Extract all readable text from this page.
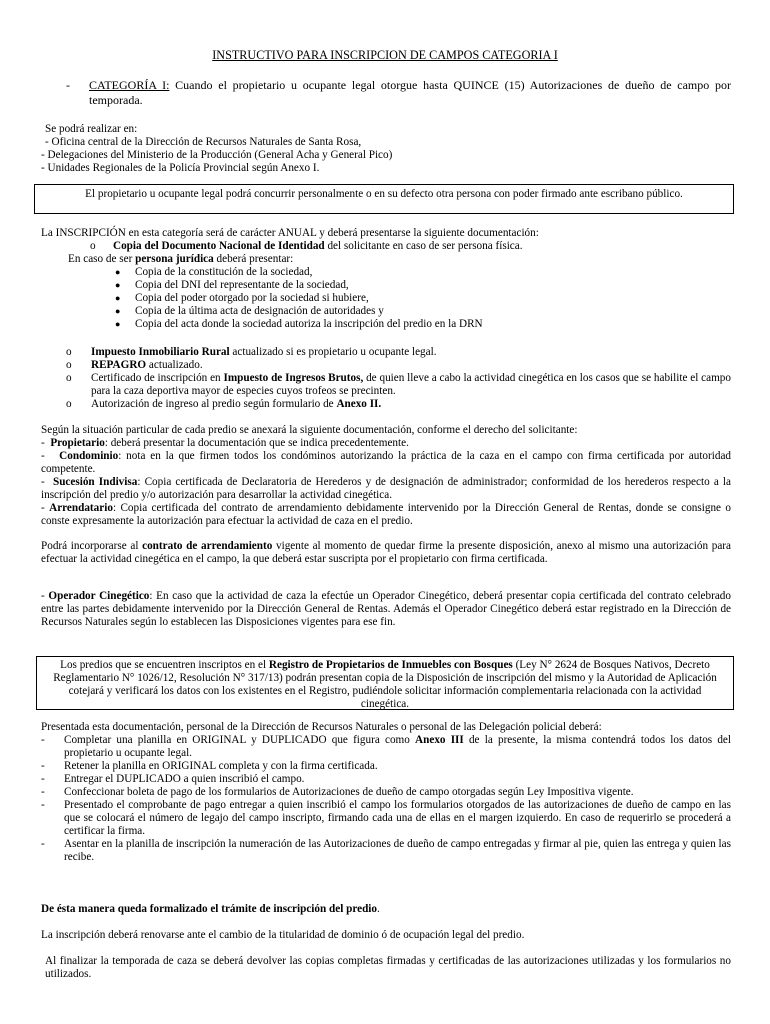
INSTRUCTIVO PARA INSCRIPCION DE CAMPOS CATEGORIA I
- CATEGORÍA I: Cuando el propietario u ocupante legal otorgue hasta QUINCE (15) Autorizaciones de dueño de campo por temporada.
Se podrá realizar en:
- Oficina central de la Dirección de Recursos Naturales de Santa Rosa,
- Delegaciones del Ministerio de la Producción (General Acha y General Pico)
- Unidades Regionales de la Policía Provincial según Anexo I.
El propietario u ocupante legal podrá concurrir personalmente o en su defecto otra persona con poder firmado ante escribano público.
La INSCRIPCIÓN en esta categoría será de carácter ANUAL y deberá presentarse la siguiente documentación:
o Copia del Documento Nacional de Identidad del solicitante en caso de ser persona física.
En caso de ser persona jurídica deberá presentar:
● Copia de la constitución de la sociedad,
● Copia del DNI del representante de la sociedad,
● Copia del poder otorgado por la sociedad si hubiere,
● Copia de la última acta de designación de autoridades y
● Copia del acta donde la sociedad autoriza la inscripción del predio en la DRN
o Impuesto Inmobiliario Rural actualizado si es propietario u ocupante legal.
o REPAGRO actualizado.
o Certificado de inscripción en Impuesto de Ingresos Brutos, de quien lleve a cabo la actividad cinegética en los casos que se habilite el campo para la caza deportiva mayor de especies cuyos trofeos se precinten.
o Autorización de ingreso al predio según formulario de Anexo II.
Según la situación particular de cada predio se anexará la siguiente documentación, conforme el derecho del solicitante:
-  Propietario: deberá presentar la documentación que se indica precedentemente.
-   Condominio: nota en la que firmen todos los condóminos autorizando la práctica de la caza en el campo con firma certificada por autoridad competente.
-  Sucesión Indivisa: Copia certificada de Declaratoria de Herederos y de designación de administrador; conformidad de los herederos respecto a la inscripción del predio y/o autorización para desarrollar la actividad cinegética.
- Arrendatario: Copia certificada del contrato de arrendamiento debidamente intervenido por la Dirección General de Rentas, donde se consigne o conste expresamente la autorización para efectuar la actividad de caza en el predio.
Podrá incorporarse al contrato de arrendamiento vigente al momento de quedar firme la presente disposición, anexo al mismo una autorización para efectuar la actividad cinegética en el campo, la que deberá estar suscripta por el propietario con firma certificada.
- Operador Cinegético: En caso que la actividad de caza la efectúe un Operador Cinegético, deberá presentar copia certificada del contrato celebrado entre las partes debidamente intervenido por la Dirección General de Rentas. Además el Operador Cinegético deberá estar registrado en la Dirección de Recursos Naturales según lo establecen las Disposiciones vigentes para ese fin.
Los predios que se encuentren inscriptos en el Registro de Propietarios de Inmuebles con Bosques (Ley N° 2624 de Bosques Nativos, Decreto Reglamentario N° 1026/12, Resolución N° 317/13) podrán presentan copia de la Disposición de inscripción del mismo y la Autoridad de Aplicación cotejará y verificará los datos con los existentes en el Registro, pudiéndole solicitar información complementaria relacionada con la actividad cinegética.
Presentada esta documentación, personal de la Dirección de Recursos Naturales o personal de las Delegación policial deberá:
- Completar una planilla en ORIGINAL y DUPLICADO que figura como Anexo III de la presente, la misma contendrá todos los datos del propietario u ocupante legal.
- Retener la planilla en ORIGINAL completa y con la firma certificada.
- Entregar el DUPLICADO a quien inscribió el campo.
- Confeccionar boleta de pago de los formularios de Autorizaciones de dueño de campo otorgadas según Ley Impositiva vigente.
- Presentado el comprobante de pago entregar a quien inscribió el campo los formularios otorgados de las autorizaciones de dueño de campo en las que se colocará el número de legajo del campo inscripto, firmando cada una de ellas en el margen izquierdo. En caso de requerirlo se procederá a certificar la firma.
- Asentar en la planilla de inscripción la numeración de las Autorizaciones de dueño de campo entregadas y firmar al pie, quien las entrega y quien las recibe.
De ésta manera queda formalizado el trámite de inscripción del predio.
La inscripción deberá renovarse ante el cambio de la titularidad de dominio ó de ocupación legal del predio.
Al finalizar la temporada de caza se deberá devolver las copias completas firmadas y certificadas de las autorizaciones utilizadas y los formularios no utilizados.
